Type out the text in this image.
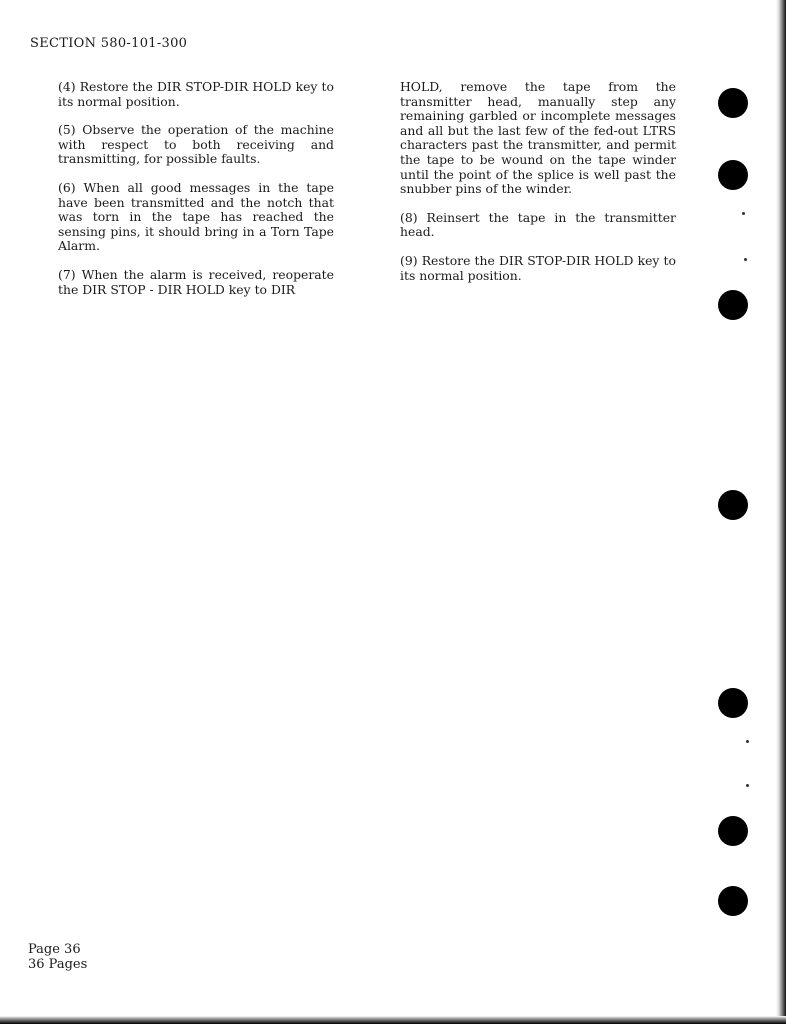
SECTION 580-101-300

(4) Restore the DIR STOP-DIR HOLD key to its normal position.

(5) Observe the operation of the machine with respect to both receiving and transmitting, for possible faults.

(6) When all good messages in the tape have been transmitted and the notch that was torn in the tape has reached the sensing pins, it should bring in a Torn Tape Alarm.

(7) When the alarm is received, reoperate the DIR STOP - DIR HOLD key to DIR

HOLD, remove the tape from the transmitter head, manually step any remaining garbled or incomplete messages and all but the last few of the fed-out LTRS characters past the transmitter, and permit the tape to be wound on the tape winder until the point of the splice is well past the snubber pins of the winder.

(8) Reinsert the tape in the transmitter head.

(9) Restore the DIR STOP-DIR HOLD key to its normal position.

Page 36
36 Pages
